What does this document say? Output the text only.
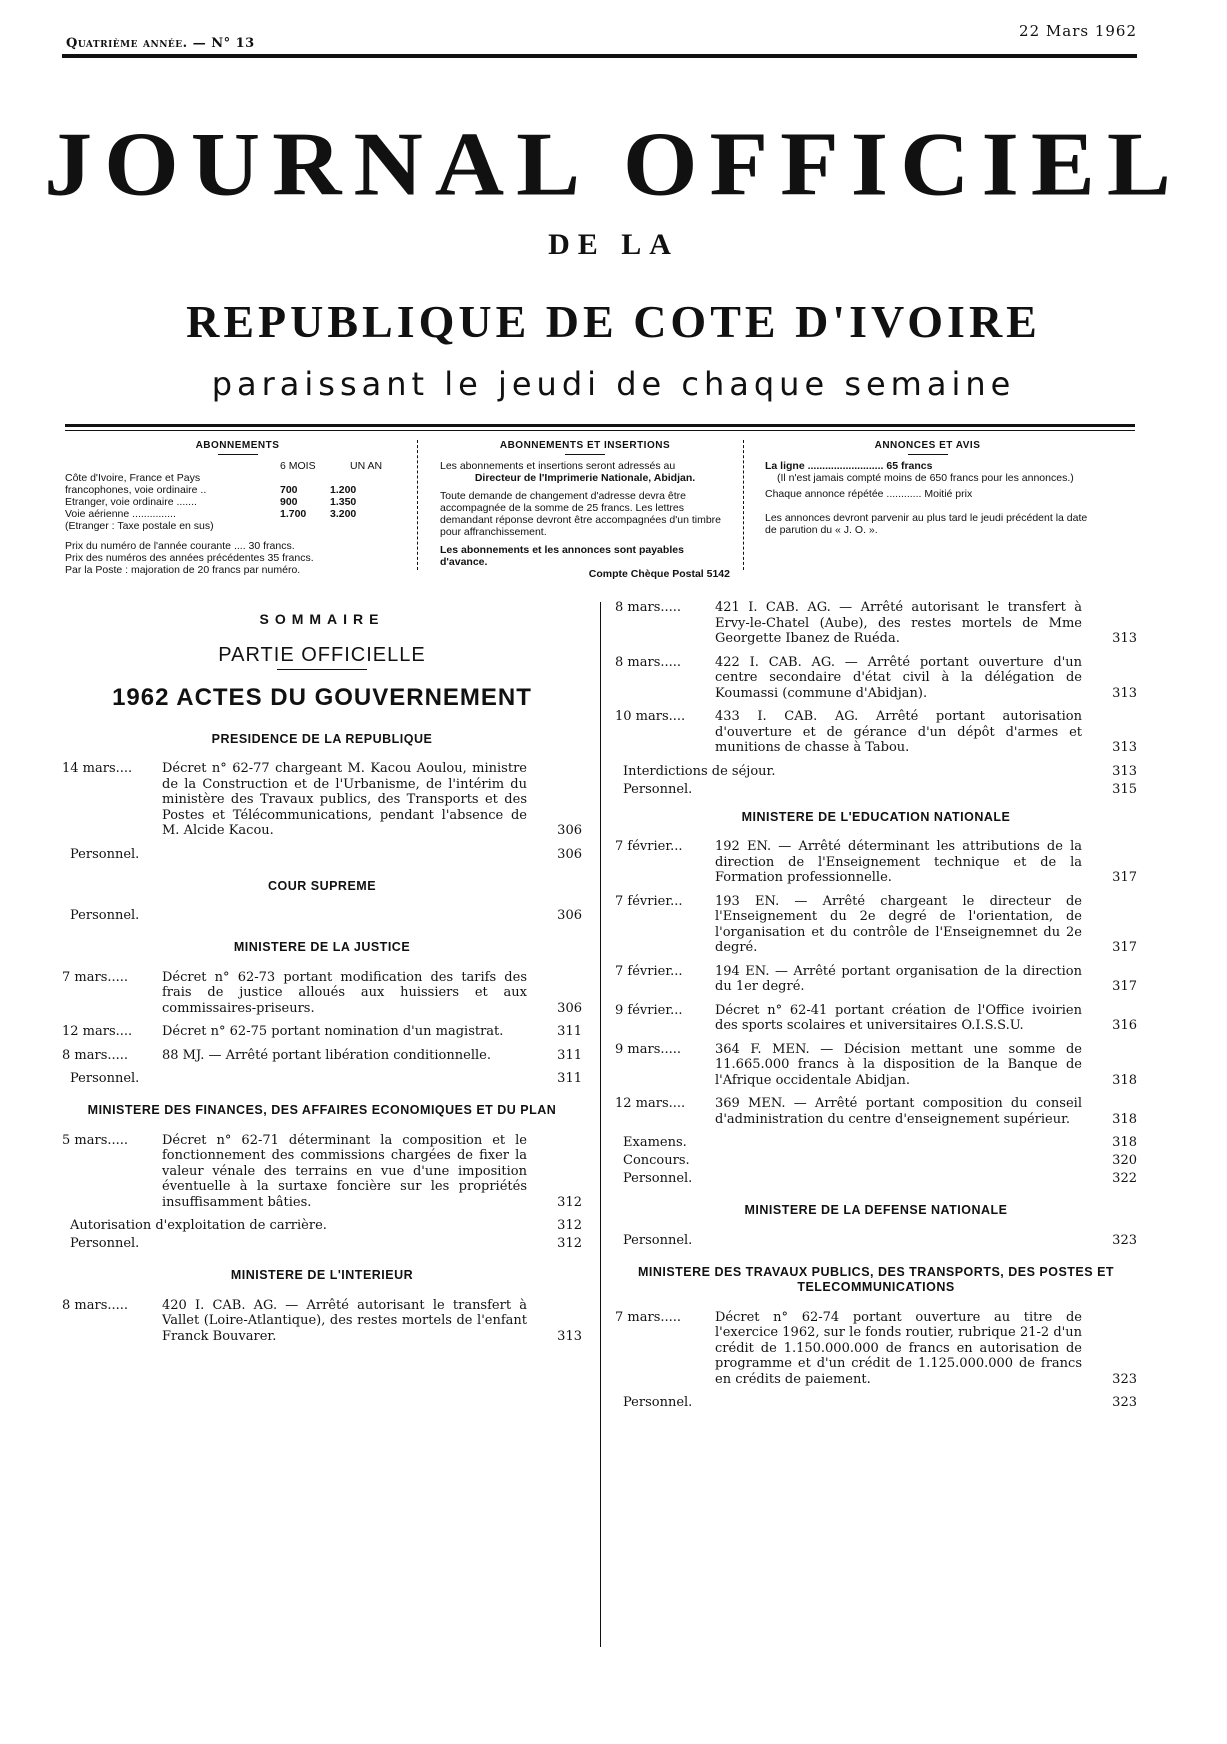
Quatrième année. — N° 13
22 Mars 1962
JOURNAL OFFICIEL
DE LA
REPUBLIQUE DE COTE D'IVOIRE
paraissant le jeudi de chaque semaine
ABONNEMENTS
6 MOIS	UN AN
Côte d'Ivoire, France et Pays
francophones, voie ordinaire ..	700	1.200
Etranger, voie ordinaire .......	900	1.350
Voie aérienne ...............	1.700 3.200
(Etranger : Taxe postale en sus)
Prix du numéro de l'année courante .... 30 francs.
Prix des numéros des années précédentes 35 francs.
Par la Poste : majoration de 20 francs par numéro.
ABONNEMENTS ET INSERTIONS
Les abonnements et insertions seront adressés au
Directeur de l'Imprimerie Nationale, Abidjan.
Toute demande de changement d'adresse devra être accompagnée de la somme de 25 francs. Les lettres demandant réponse devront être accompagnées d'un timbre pour affranchissement.
Les abonnements et les annonces sont payables d'avance.
Compte Chèque Postal 5142
ANNONCES ET AVIS
La ligne .......................... 65 francs
(Il n'est jamais compté moins de 650 francs pour les annonces.)
Chaque annonce répétée ............ Moitié prix
Les annonces devront parvenir au plus tard le jeudi précédent la date de parution du « J. O. ».
SOMMAIRE
PARTIE OFFICIELLE
1962 ACTES DU GOUVERNEMENT
PRESIDENCE DE LA REPUBLIQUE
14 mars....	Décret n° 62-77 chargeant M. Kacou Aoulou, ministre de la Construction et de l'Urbanisme, de l'intérim du ministère des Travaux publics, des Transports et des Postes et Télécommunications, pendant l'absence de M. Alcide Kacou.	306
Personnel.	306
COUR SUPREME
Personnel.	306
MINISTERE DE LA JUSTICE
7 mars.....	Décret n° 62-73 portant modification des tarifs des frais de justice alloués aux huissiers et aux commissaires-priseurs.	306
12 mars....	Décret n° 62-75 portant nomination d'un magistrat.	311
8 mars.....	88 MJ. — Arrêté portant libération conditionnelle.	311
Personnel.	311
MINISTERE DES FINANCES, DES AFFAIRES ECONOMIQUES ET DU PLAN
5 mars.....	Décret n° 62-71 déterminant la composition et le fonctionnement des commissions chargées de fixer la valeur vénale des terrains en vue d'une imposition éventuelle à la surtaxe foncière sur les propriétés insuffisamment bâties.	312
Autorisation d'exploitation de carrière.	312
Personnel.	312
MINISTERE DE L'INTERIEUR
8 mars.....	420 I. CAB. AG. — Arrêté autorisant le transfert à Vallet (Loire-Atlantique), des restes mortels de l'enfant Franck Bouvarer.	313
8 mars.....	421 I. CAB. AG. — Arrêté autorisant le transfert à Ervy-le-Chatel (Aube), des restes mortels de Mme Georgette Ibanez de Ruéda.	313
8 mars.....	422 I. CAB. AG. — Arrêté portant ouverture d'un centre secondaire d'état civil à la délégation de Koumassi (commune d'Abidjan).	313
10 mars....	433 I. CAB. AG. Arrêté portant autorisation d'ouverture et de gérance d'un dépôt d'armes et munitions de chasse à Tabou.	313
Interdictions de séjour.	313
Personnel.	315
MINISTERE DE L'EDUCATION NATIONALE
7 février...	192 EN. — Arrêté déterminant les attributions de la direction de l'Enseignement technique et de la Formation professionnelle.	317
7 février...	193 EN. — Arrêté chargeant le directeur de l'Enseignement du 2e degré de l'orientation, de l'organisation et du contrôle de l'Enseignemnet du 2e degré.	317
7 février...	194 EN. — Arrêté portant organisation de la direction du 1er degré.	317
9 février...	Décret n° 62-41 portant création de l'Office ivoirien des sports scolaires et universitaires O.I.S.S.U.	316
9 mars.....	364 F. MEN. — Décision mettant une somme de 11.665.000 francs à la disposition de la Banque de l'Afrique occidentale Abidjan.	318
12 mars....	369 MEN. — Arrêté portant composition du conseil d'administration du centre d'enseignement supérieur.	318
Examens.	318
Concours.	320
Personnel.	322
MINISTERE DE LA DEFENSE NATIONALE
Personnel.	323
MINISTERE DES TRAVAUX PUBLICS, DES TRANSPORTS, DES POSTES ET TELECOMMUNICATIONS
7 mars.....	Décret n° 62-74 portant ouverture au titre de l'exercice 1962, sur le fonds routier, rubrique 21-2 d'un crédit de 1.150.000.000 de francs en autorisation de programme et d'un crédit de 1.125.000.000 de francs en crédits de paiement.	323
Personnel.	323
